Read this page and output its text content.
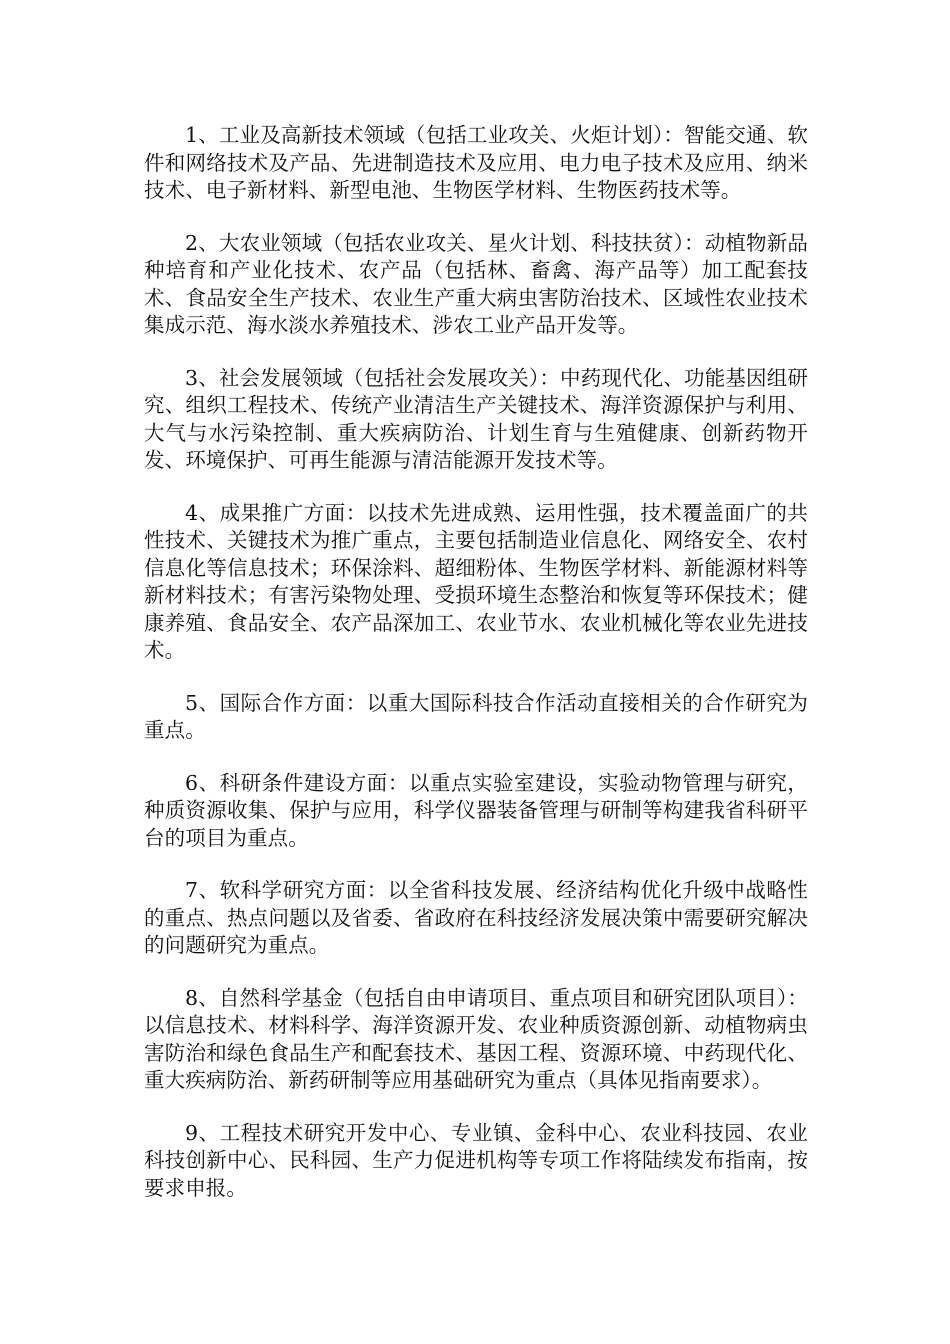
1、工业及高新技术领域（包括工业攻关、火炬计划）：智能交通、软件和网络技术及产品、先进制造技术及应用、电力电子技术及应用、纳米技术、电子新材料、新型电池、生物医学材料、生物医药技术等。

2、大农业领域（包括农业攻关、星火计划、科技扶贫）：动植物新品种培育和产业化技术、农产品（包括林、畜禽、海产品等）加工配套技术、食品安全生产技术、农业生产重大病虫害防治技术、区域性农业技术集成示范、海水淡水养殖技术、涉农工业产品开发等。

3、社会发展领域（包括社会发展攻关）：中药现代化、功能基因组研究、组织工程技术、传统产业清洁生产关键技术、海洋资源保护与利用、大气与水污染控制、重大疾病防治、计划生育与生殖健康、创新药物开发、环境保护、可再生能源与清洁能源开发技术等。

4、成果推广方面：以技术先进成熟、运用性强，技术覆盖面广的共性技术、关键技术为推广重点，主要包括制造业信息化、网络安全、农村信息化等信息技术；环保涂料、超细粉体、生物医学材料、新能源材料等新材料技术；有害污染物处理、受损环境生态整治和恢复等环保技术；健康养殖、食品安全、农产品深加工、农业节水、农业机械化等农业先进技术。

5、国际合作方面：以重大国际科技合作活动直接相关的合作研究为重点。

6、科研条件建设方面：以重点实验室建设，实验动物管理与研究，种质资源收集、保护与应用，科学仪器装备管理与研制等构建我省科研平台的项目为重点。

7、软科学研究方面：以全省科技发展、经济结构优化升级中战略性的重点、热点问题以及省委、省政府在科技经济发展决策中需要研究解决的问题研究为重点。

8、自然科学基金（包括自由申请项目、重点项目和研究团队项目）：以信息技术、材料科学、海洋资源开发、农业种质资源创新、动植物病虫害防治和绿色食品生产和配套技术、基因工程、资源环境、中药现代化、重大疾病防治、新药研制等应用基础研究为重点（具体见指南要求）。

9、工程技术研究开发中心、专业镇、金科中心、农业科技园、农业科技创新中心、民科园、生产力促进机构等专项工作将陆续发布指南，按要求申报。
